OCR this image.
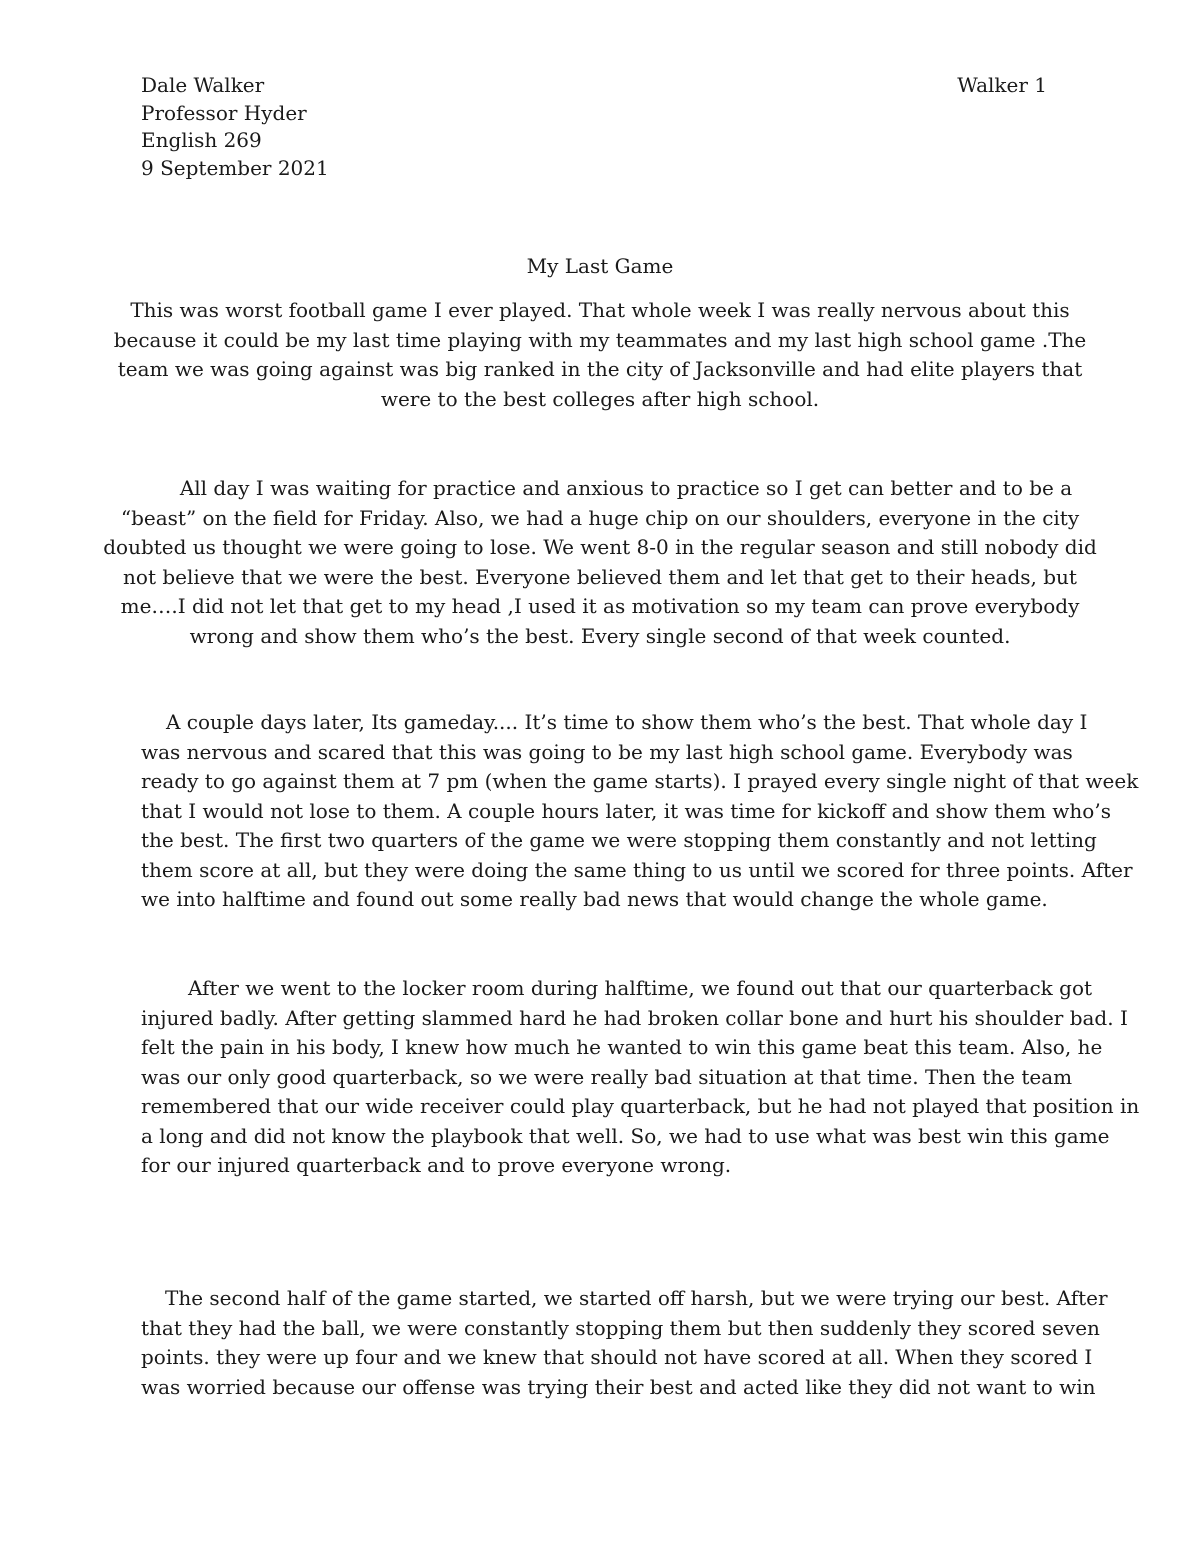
Dale Walker
Professor Hyder
English 269
9 September 2021
Walker 1
My Last Game
This was worst football game I ever played. That whole week I was really nervous about this
because it could be my last time playing with my teammates and my last high school game .The
team we was going against was big ranked in the city of Jacksonville and had elite players that
were to the best colleges after high school.
All day I was waiting for practice and anxious to practice so I get can better and to be a
“beast” on the field for Friday. Also, we had a huge chip on our shoulders, everyone in the city
doubted us thought we were going to lose. We went 8-0 in the regular season and still nobody did
not believe that we were the best. Everyone believed them and let that get to their heads, but
me….I did not let that get to my head ,I used it as motivation so my team can prove everybody
wrong and show them who’s the best. Every single second of that week counted.
A couple days later, Its gameday.... It’s time to show them who’s the best. That whole day I
was nervous and scared that this was going to be my last high school game. Everybody was
ready to go against them at 7 pm (when the game starts). I prayed every single night of that week
that I would not lose to them. A couple hours later, it was time for kickoff and show them who’s
the best. The first two quarters of the game we were stopping them constantly and not letting
them score at all, but they were doing the same thing to us until we scored for three points. After
we into halftime and found out some really bad news that would change the whole game.
After we went to the locker room during halftime, we found out that our quarterback got
injured badly. After getting slammed hard he had broken collar bone and hurt his shoulder bad. I
felt the pain in his body, I knew how much he wanted to win this game beat this team. Also, he
was our only good quarterback, so we were really bad situation at that time. Then the team
remembered that our wide receiver could play quarterback, but he had not played that position in
a long and did not know the playbook that well. So, we had to use what was best win this game
for our injured quarterback and to prove everyone wrong.
The second half of the game started, we started off harsh, but we were trying our best. After
that they had the ball, we were constantly stopping them but then suddenly they scored seven
points. they were up four and we knew that should not have scored at all. When they scored I
was worried because our offense was trying their best and acted like they did not want to win
